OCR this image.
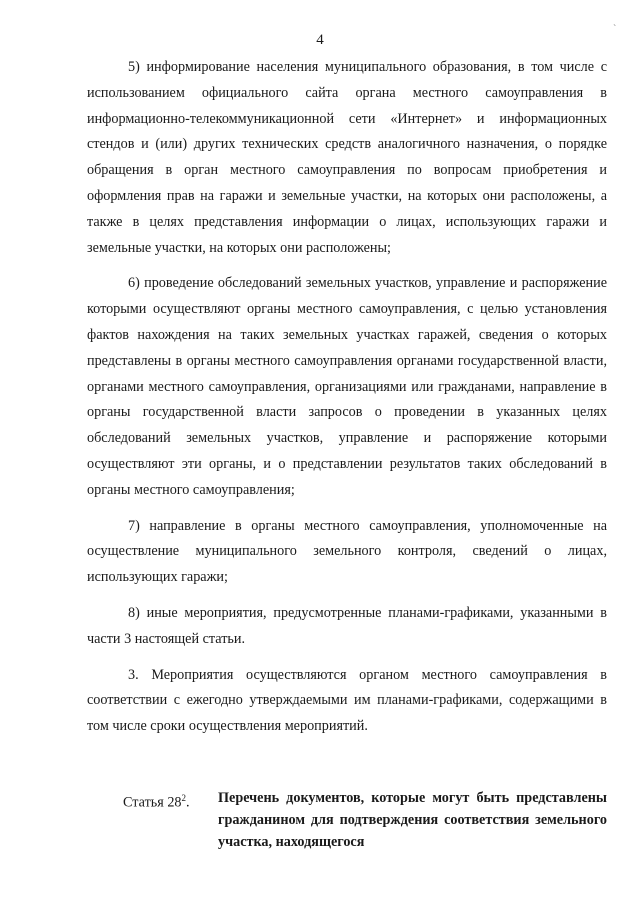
4
`

5) информирование населения муниципального образования, в том числе с использованием официального сайта органа местного самоуправления в информационно-телекоммуникационной сети «Интернет» и информационных стендов и (или) других технических средств аналогичного назначения, о порядке обращения в орган местного самоуправления по вопросам приобретения и оформления прав на гаражи и земельные участки, на которых они расположены, а также в целях представления информации о лицах, использующих гаражи и земельные участки, на которых они расположены;

6) проведение обследований земельных участков, управление и распоряжение которыми осуществляют органы местного самоуправления, с целью установления фактов нахождения на таких земельных участках гаражей, сведения о которых представлены в органы местного самоуправления органами государственной власти, органами местного самоуправления, организациями или гражданами, направление в органы государственной власти запросов о проведении в указанных целях обследований земельных участков, управление и распоряжение которыми осуществляют эти органы, и о представлении результатов таких обследований в органы местного самоуправления;

7) направление в органы местного самоуправления, уполномоченные на осуществление муниципального земельного контроля, сведений о лицах, использующих гаражи;

8) иные мероприятия, предусмотренные планами-графиками, указанными в части 3 настоящей статьи.

3. Мероприятия осуществляются органом местного самоуправления в соответствии с ежегодно утверждаемыми им планами-графиками, содержащими в том числе сроки осуществления мероприятий.

Статья $28^2$. Перечень документов, которые могут быть представлены гражданином для подтверждения соответствия земельного участка, находящегося
